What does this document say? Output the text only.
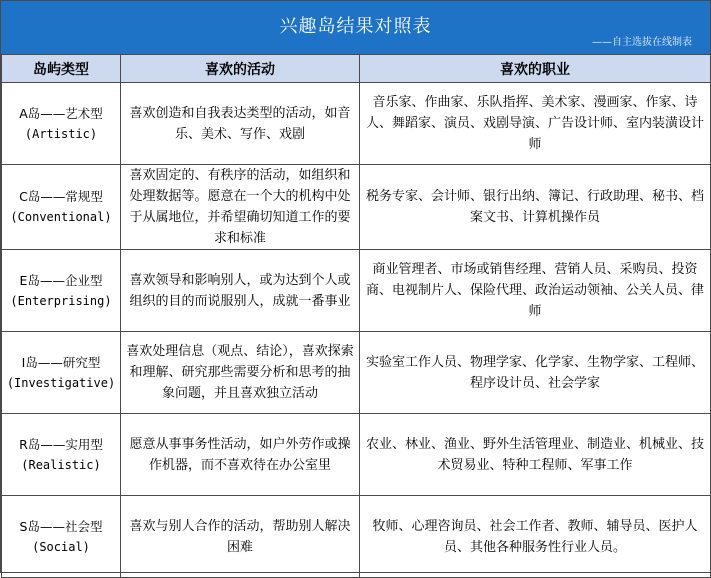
兴趣岛结果对照表
——自主选拔在线制表
岛屿类型	喜欢的活动	喜欢的职业

A岛——艺术型
(Artistic)	喜欢创造和自我表达类型的活动，如音乐、美术、写作、戏剧	音乐家、作曲家、乐队指挥、美术家、漫画家、作家、诗人、舞蹈家、演员、戏剧导演、广告设计师、室内装潢设计师

C岛——常规型
(Conventional)	喜欢固定的、有秩序的活动，如组织和处理数据等。愿意在一个大的机构中处于从属地位，并希望确切知道工作的要求和标准	税务专家、会计师、银行出纳、簿记、行政助理、秘书、档案文书、计算机操作员

E岛——企业型
(Enterprising)	喜欢领导和影响别人，或为达到个人或组织的目的而说服别人，成就一番事业	商业管理者、市场或销售经理、营销人员、采购员、投资商、电视制片人、保险代理、政治运动领袖、公关人员、律师

I岛——研究型
(Investigative)	喜欢处理信息（观点、结论），喜欢探索和理解、研究那些需要分析和思考的抽象问题，并且喜欢独立活动	实验室工作人员、物理学家、化学家、生物学家、工程师、程序设计员、社会学家

R岛——实用型
(Realistic)	愿意从事事务性活动，如户外劳作或操作机器，而不喜欢待在办公室里	农业、林业、渔业、野外生活管理业、制造业、机械业、技术贸易业、特种工程师、军事工作

S岛——社会型
(Social)	喜欢与别人合作的活动，帮助别人解决困难	牧师、心理咨询员、社会工作者、教师、辅导员、医护人员、其他各种服务性行业人员。
